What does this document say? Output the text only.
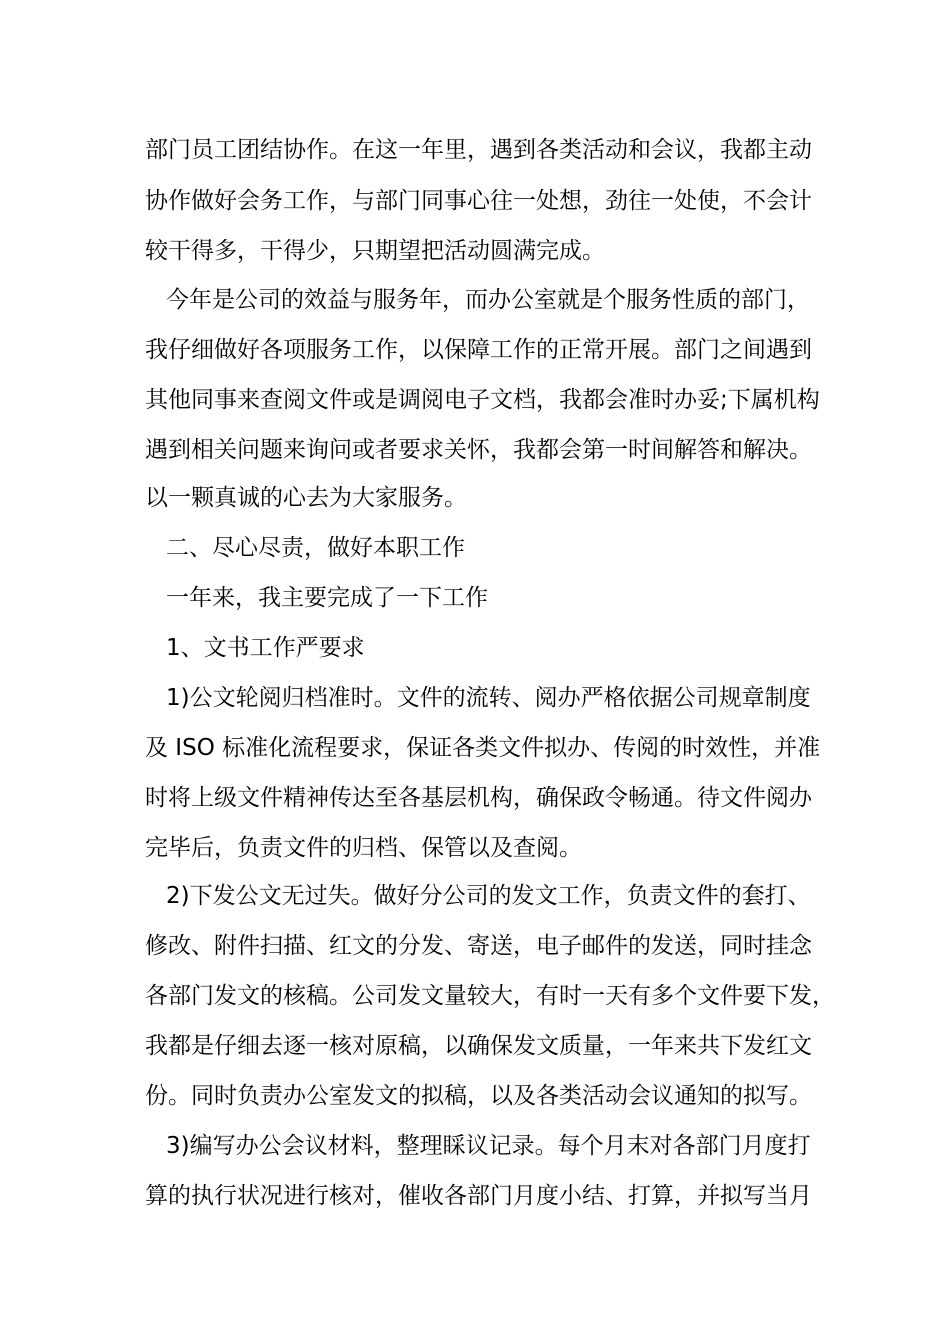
部门员工团结协作。在这一年里，遇到各类活动和会议，我都主动
协作做好会务工作，与部门同事心往一处想，劲往一处使，不会计
较干得多，干得少，只期望把活动圆满完成。
今年是公司的效益与服务年，而办公室就是个服务性质的部门，
我仔细做好各项服务工作，以保障工作的正常开展。部门之间遇到
其他同事来查阅文件或是调阅电子文档，我都会准时办妥;下属机构
遇到相关问题来询问或者要求关怀，我都会第一时间解答和解决。
以一颗真诚的心去为大家服务。
二、尽心尽责，做好本职工作
一年来，我主要完成了一下工作
1、文书工作严要求
1)公文轮阅归档准时。文件的流转、阅办严格依据公司规章制度
及 ISO 标准化流程要求，保证各类文件拟办、传阅的时效性，并准
时将上级文件精神传达至各基层机构，确保政令畅通。待文件阅办
完毕后，负责文件的归档、保管以及查阅。
2)下发公文无过失。做好分公司的发文工作，负责文件的套打、
修改、附件扫描、红文的分发、寄送，电子邮件的发送，同时挂念
各部门发文的核稿。公司发文量较大，有时一天有多个文件要下发，
我都是仔细去逐一核对原稿，以确保发文质量，一年来共下发红文
份。同时负责办公室发文的拟稿，以及各类活动会议通知的拟写。
3)编写办公会议材料，整理睬议记录。每个月末对各部门月度打
算的执行状况进行核对，催收各部门月度小结、打算，并拟写当月
